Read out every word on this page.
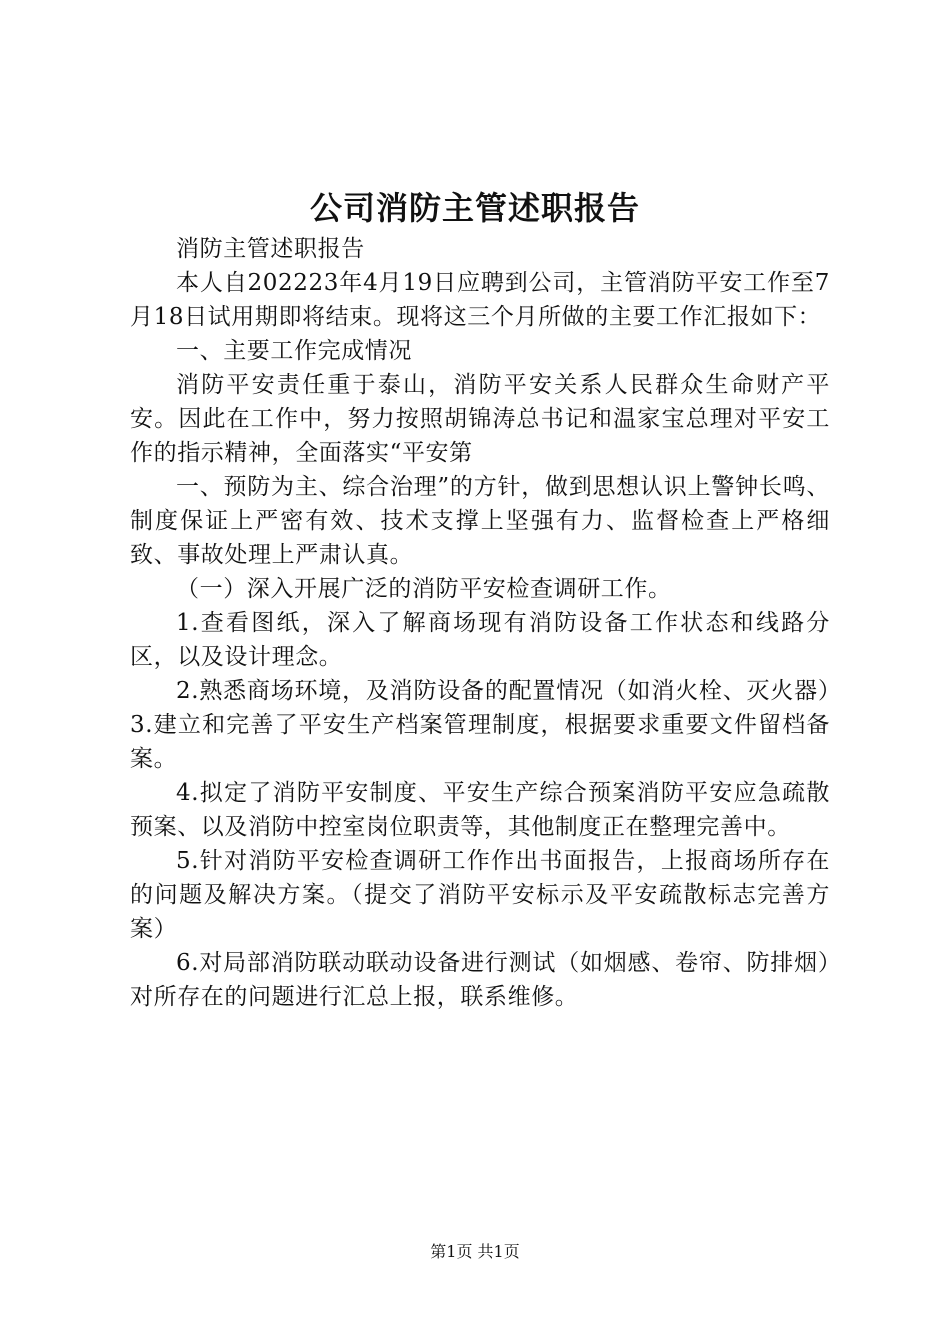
公司消防主管述职报告

消防主管述职报告

本人自202223年4月19日应聘到公司，主管消防平安工作至7月18日试用期即将结束。现将这三个月所做的主要工作汇报如下：

一、主要工作完成情况

消防平安责任重于泰山，消防平安关系人民群众生命财产平安。因此在工作中，努力按照胡锦涛总书记和温家宝总理对平安工作的指示精神，全面落实“平安第

一、预防为主、综合治理”的方针，做到思想认识上警钟长鸣、制度保证上严密有效、技术支撑上坚强有力、监督检查上严格细致、事故处理上严肃认真。

（一）深入开展广泛的消防平安检查调研工作。

1.查看图纸，深入了解商场现有消防设备工作状态和线路分区，以及设计理念。

2.熟悉商场环境，及消防设备的配置情况（如消火栓、灭火器）3.建立和完善了平安生产档案管理制度，根据要求重要文件留档备案。

4.拟定了消防平安制度、平安生产综合预案消防平安应急疏散预案、以及消防中控室岗位职责等，其他制度正在整理完善中。

5.针对消防平安检查调研工作作出书面报告，上报商场所存在的问题及解决方案。（提交了消防平安标示及平安疏散标志完善方案）

6.对局部消防联动联动设备进行测试（如烟感、卷帘、防排烟）对所存在的问题进行汇总上报，联系维修。

第1页 共1页
